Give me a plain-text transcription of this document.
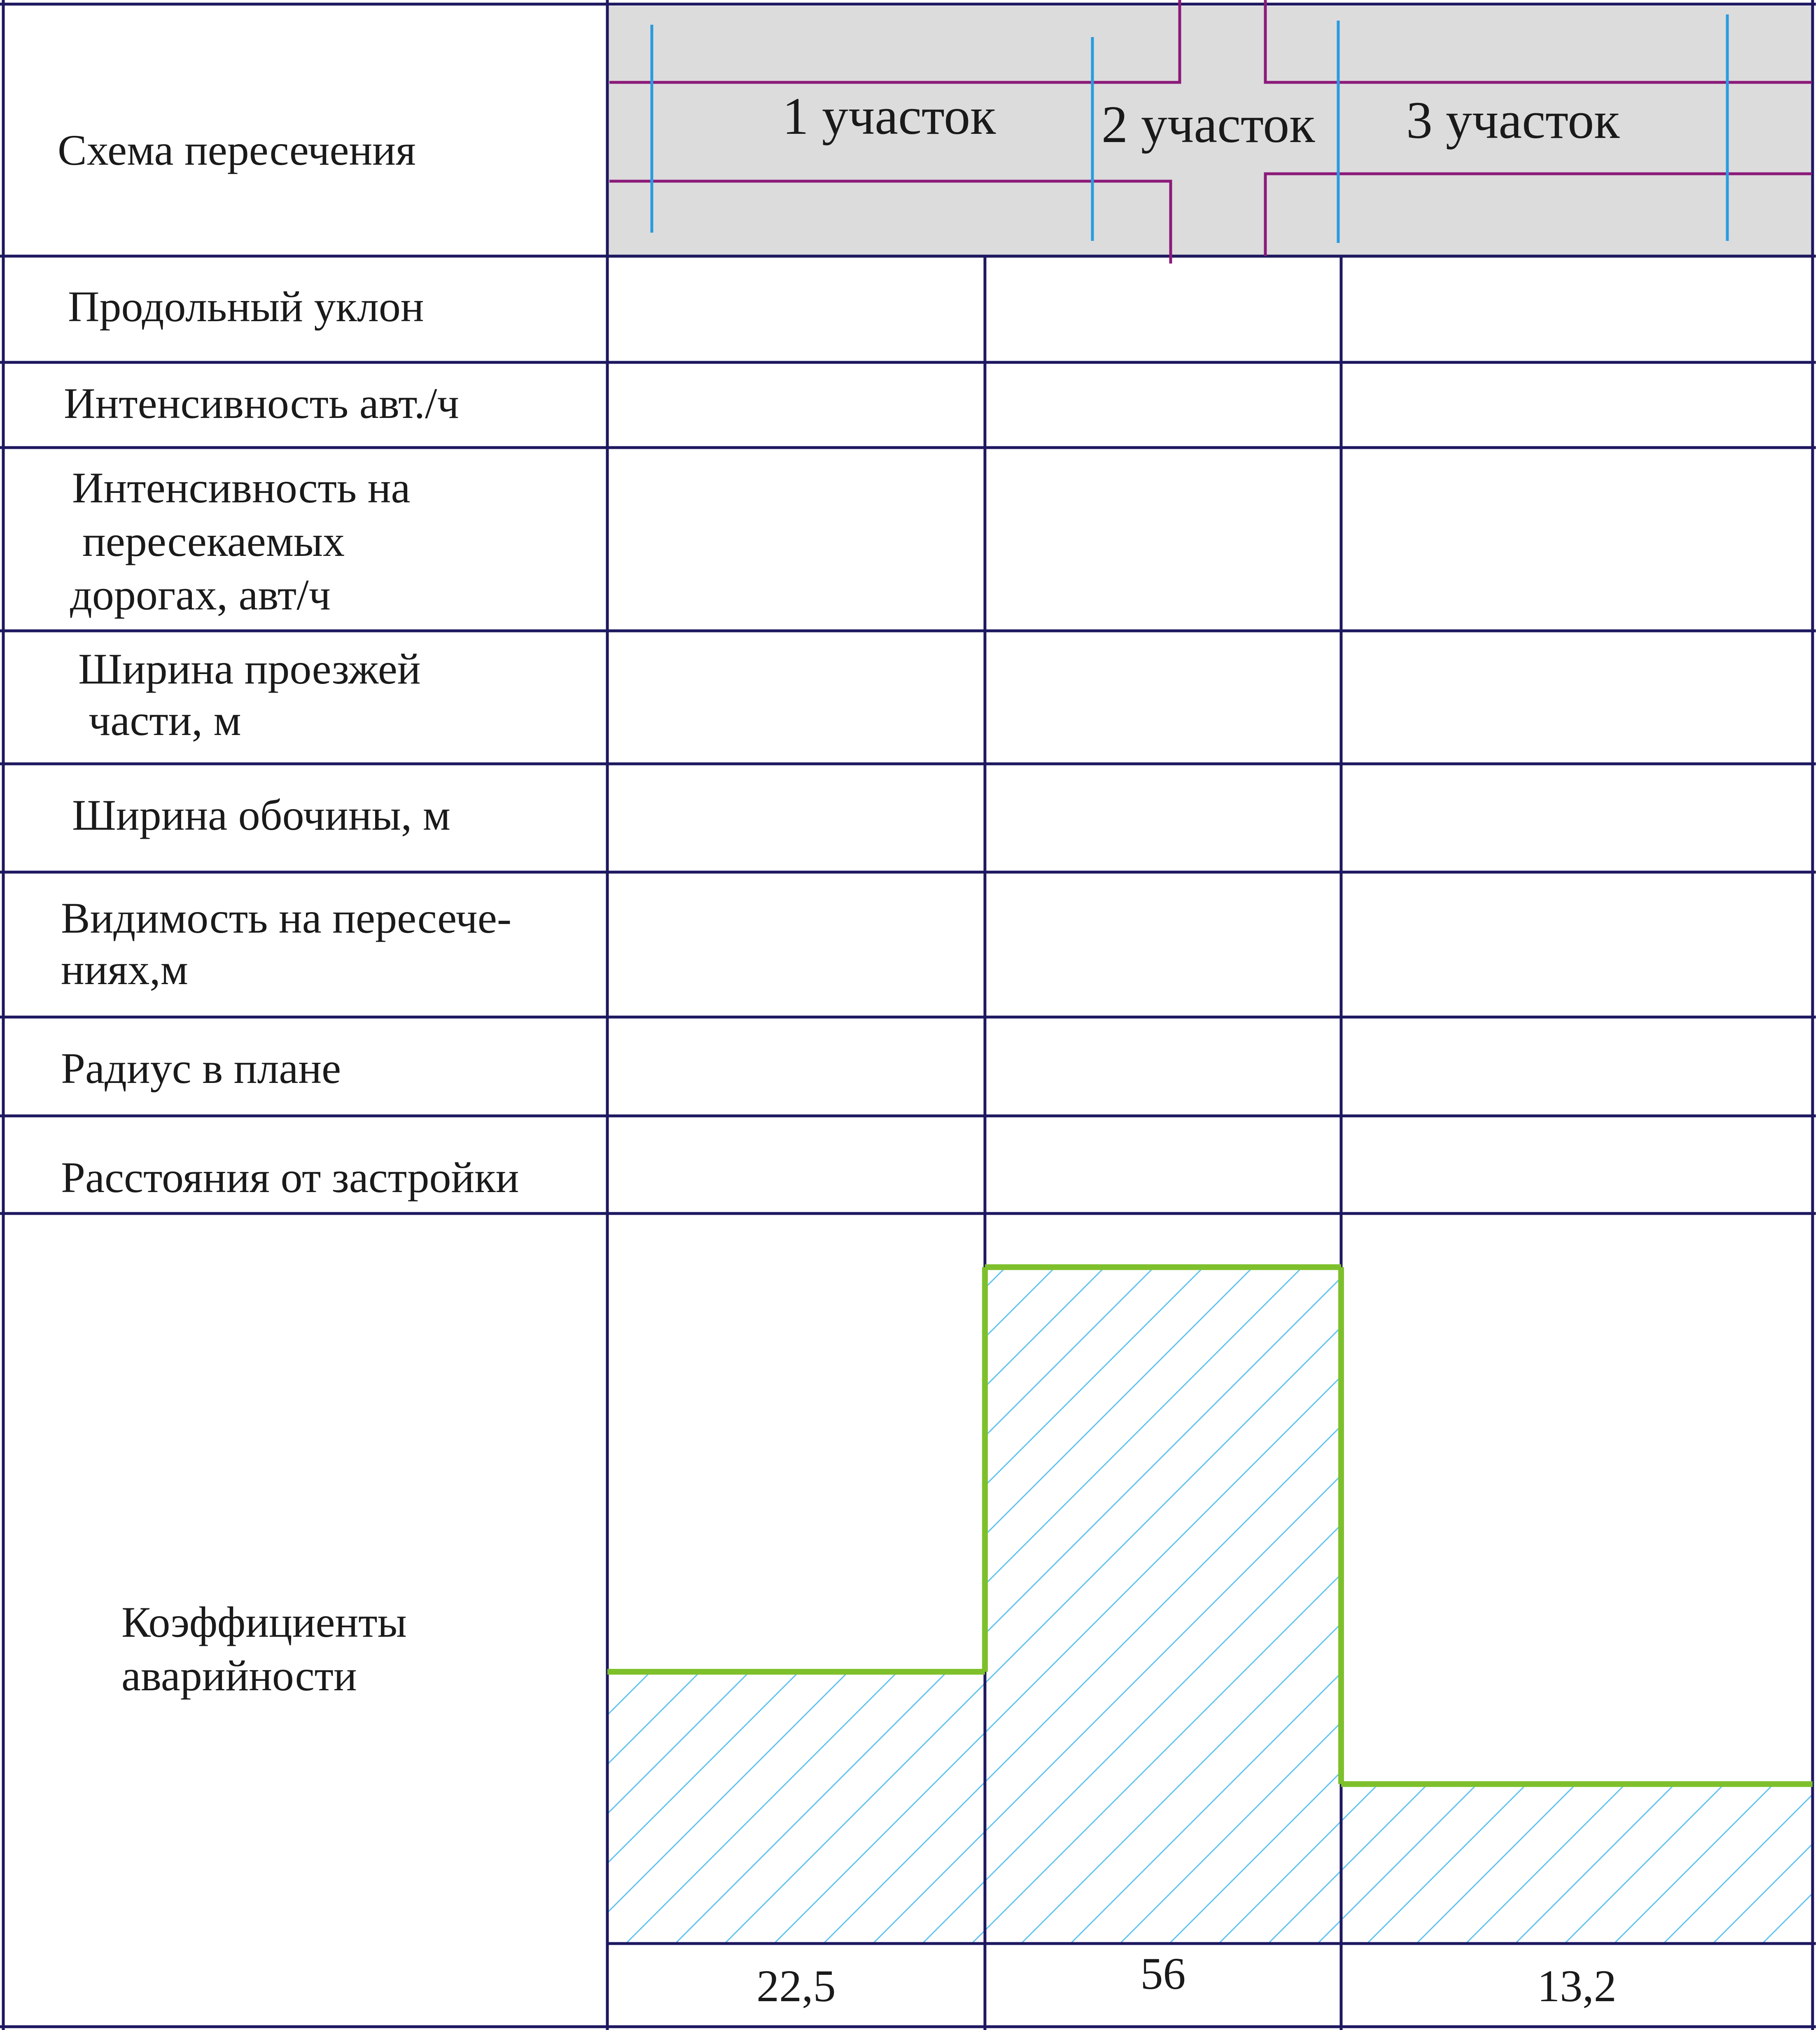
1 участок 2 участок 3 участок
Схема пересечения
Продольный уклон
Интенсивность авт./ч
Интенсивность на пересекаемых дорогах, авт/ч
Ширина проезжей части, м
Ширина обочины, м
Видимость на пересече- ниях,м
Радиус в плане
Расстояния от застройки
Коэффициенты аварийности
22,5	56	13,2
